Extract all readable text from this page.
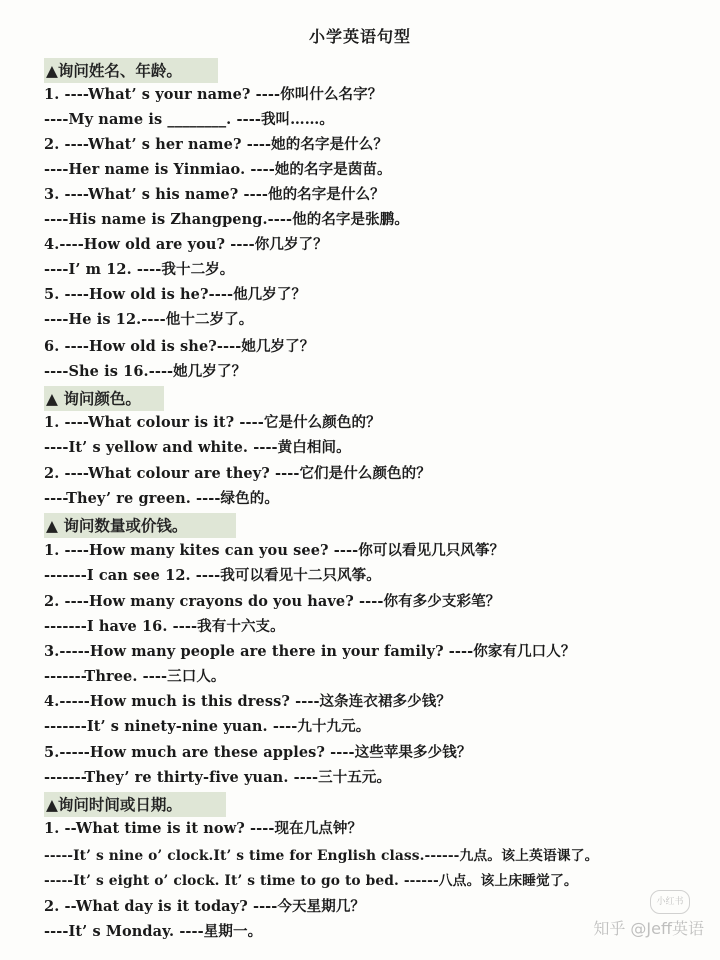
小学英语句型
▲询问姓名、年龄。
1. ----What’ s your name? ----你叫什么名字？
----My name is ________. ----我叫……。
2. ----What’ s her name? ----她的名字是什么？
----Her name is Yinmiao. ----她的名字是茵苗。
3. ----What’ s his name? ----他的名字是什么？
----His name is Zhangpeng.----他的名字是张鹏。
4.----How old are you? ----你几岁了？
----I’ m 12. ----我十二岁。
5. ----How old is he?----他几岁了？
----He is 12.----他十二岁了。
6. ----How old is she?----她几岁了？
----She is 16.----她几岁了？
▲ 询问颜色。
1. ----What colour is it? ----它是什么颜色的？
----It’ s yellow and white. ----黄白相间。
2. ----What colour are they? ----它们是什么颜色的？
----They’ re green. ----绿色的。
▲ 询问数量或价钱。
1. ----How many kites can you see? ----你可以看见几只风筝？
-------I can see 12. ----我可以看见十二只风筝。
2. ----How many crayons do you have? ----你有多少支彩笔？
-------I have 16. ----我有十六支。
3.-----How many people are there in your family? ----你家有几口人？
-------Three. ----三口人。
4.-----How much is this dress? ----这条连衣裙多少钱？
-------It’ s ninety-nine yuan. ----九十九元。
5.-----How much are these apples? ----这些苹果多少钱？
-------They’ re thirty-five yuan. ----三十五元。
▲询问时间或日期。
1. --What time is it now? ----现在几点钟？
-----It’ s nine o’ clock.It’ s time for English class.------九点。该上英语课了。
-----It’ s eight o’ clock. It’ s time to go to bed. ------八点。该上床睡觉了。
2. --What day is it today? ----今天星期几？
----It’ s Monday. ----星期一。
小红书
知乎 @Jeff英语
